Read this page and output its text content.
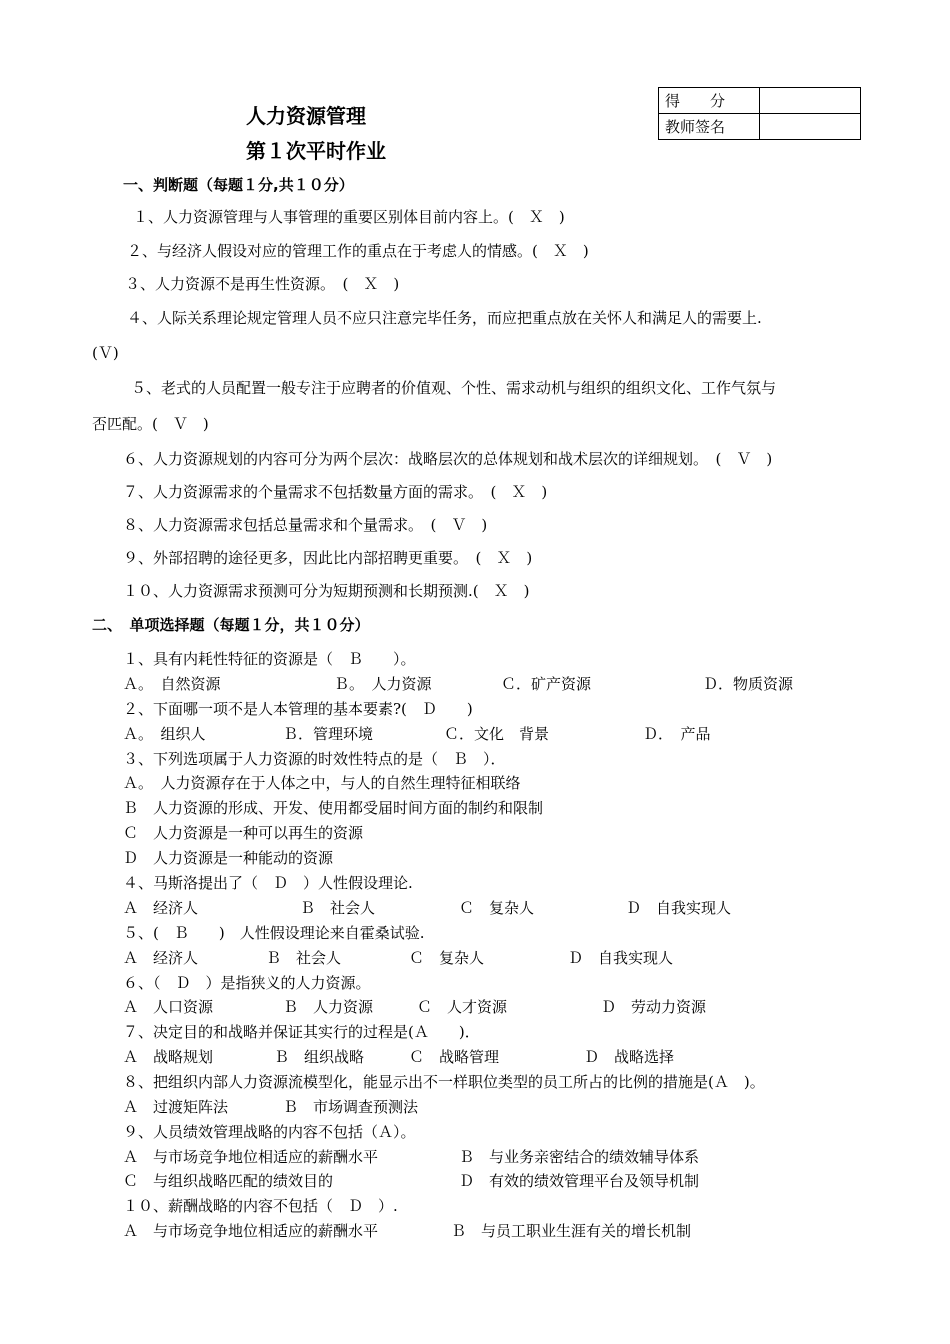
人力资源管理
第１次平时作业
得　　分	
教师签名	
一、判断题（每题１分,共１０分）
１、人力资源管理与人事管理的重要区别体目前内容上。(　Ｘ　)
２、与经济人假设对应的管理工作的重点在于考虑人的情感。(　Ｘ　)
３、人力资源不是再生性资源。　(　Ｘ　)
４、人际关系理论规定管理人员不应只注意完毕任务，而应把重点放在关怀人和满足人的需要上.
(Ｖ)
５、老式的人员配置一般专注于应聘者的价值观、个性、需求动机与组织的组织文化、工作气氛与
否匹配。(　Ｖ　)
６、人力资源规划的内容可分为两个层次：战略层次的总体规划和战术层次的详细规划。　(　Ｖ　)
７、人力资源需求的个量需求不包括数量方面的需求。　(　Ｘ　)
８、人力资源需求包括总量需求和个量需求。　(　Ｖ　)
９、外部招聘的途径更多，因此比内部招聘更重要。　(　Ｘ　)
１０、人力资源需求预测可分为短期预测和长期预测.(　Ｘ　)
二、　单项选择题（每题１分，共１０分）
１、具有内耗性特征的资源是（　Ｂ　　）。
Ａ。　自然资源	Ｂ。　人力资源	Ｃ．矿产资源	Ｄ．物质资源
２、下面哪一项不是人本管理的基本要素?(　Ｄ　　)
Ａ。　组织人	Ｂ．管理环境	Ｃ．文化　背景	Ｄ．　产品
３、下列选项属于人力资源的时效性特点的是（　Ｂ　）．
Ａ。　人力资源存在于人体之中，与人的自然生理特征相联络
Ｂ　人力资源的形成、开发、使用都受届时间方面的制约和限制
Ｃ　人力资源是一种可以再生的资源
Ｄ　人力资源是一种能动的资源
４、马斯洛提出了（　Ｄ　）人性假设理论.
Ａ　经济人	Ｂ　社会人	Ｃ　复杂人	Ｄ　自我实现人
５、(　Ｂ　　)　人性假设理论来自霍桑试验.
Ａ　经济人	Ｂ　社会人	Ｃ　复杂人	Ｄ　自我实现人
６、（　Ｄ　）是指狭义的人力资源。
Ａ　人口资源	Ｂ　人力资源	Ｃ　人才资源	Ｄ　劳动力资源
７、决定目的和战略并保证其实行的过程是(Ａ　　)．
Ａ　战略规划	Ｂ　组织战略	Ｃ　战略管理	Ｄ　战略选择
８、把组织内部人力资源流模型化，能显示出不一样职位类型的员工所占的比例的措施是(Ａ　)。
Ａ　过渡矩阵法	Ｂ　市场调查预测法
９、人员绩效管理战略的内容不包括（Ａ）。
Ａ　与市场竞争地位相适应的薪酬水平	Ｂ　与业务亲密结合的绩效辅导体系
Ｃ　与组织战略匹配的绩效目的	Ｄ　有效的绩效管理平台及领导机制
１０、薪酬战略的内容不包括（　Ｄ　）.
Ａ　与市场竞争地位相适应的薪酬水平	Ｂ　与员工职业生涯有关的增长机制
